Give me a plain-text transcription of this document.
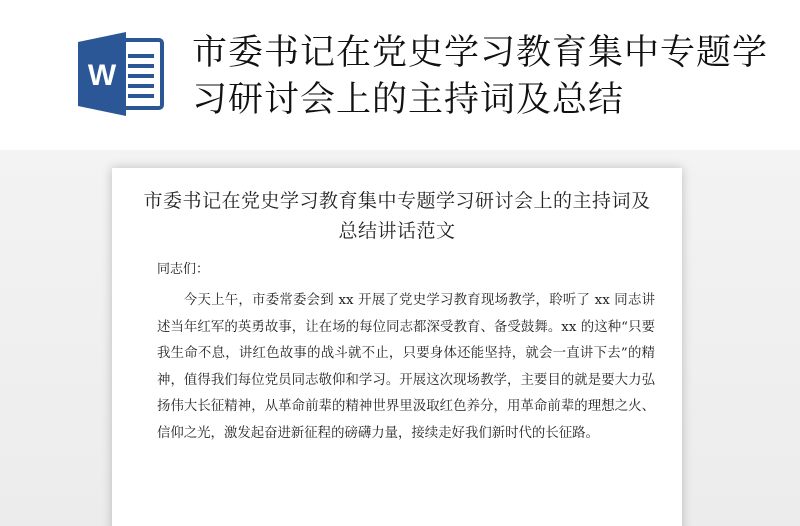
W
市委书记在党史学习教育集中专题学习研讨会上的主持词及总结
市委书记在党史学习教育集中专题学习研讨会上的主持词及总结讲话范文

同志们：

今天上午，市委常委会到 xx 开展了党史学习教育现场教学，聆听了 xx 同志讲述当年红军的英勇故事，让在场的每位同志都深受教育、备受鼓舞。xx 的这种“只要我生命不息，讲红色故事的战斗就不止，只要身体还能坚持，就会一直讲下去”的精神，值得我们每位党员同志敬仰和学习。开展这次现场教学，主要目的就是要大力弘扬伟大长征精神，从革命前辈的精神世界里汲取红色养分，用革命前辈的理想之火、信仰之光，激发起奋进新征程的磅礴力量，接续走好我们新时代的长征路。
